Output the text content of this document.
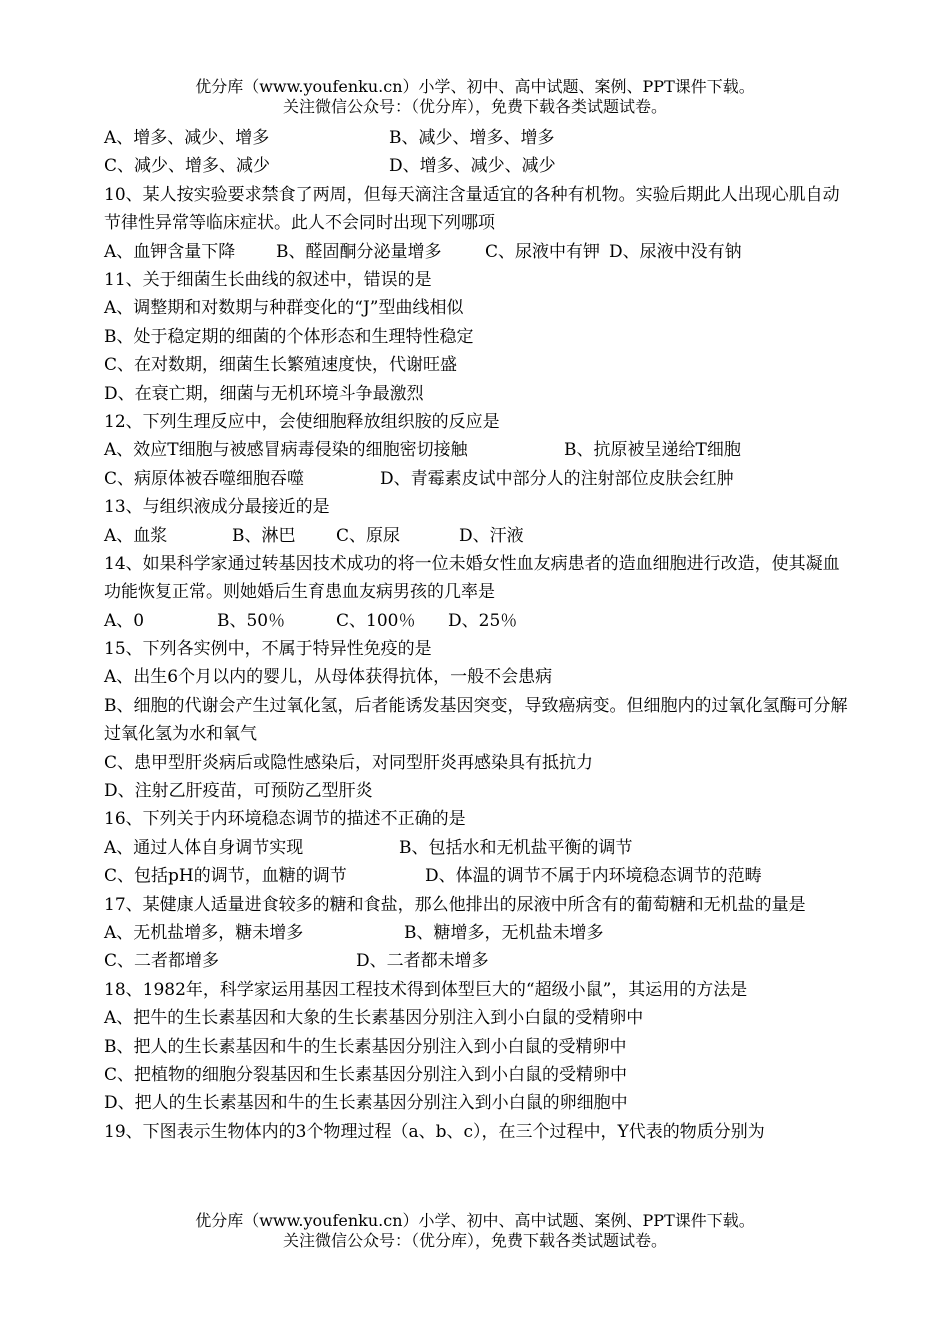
优分库（www.youfenku.cn）小学、初中、高中试题、案例、PPT课件下载。
关注微信公众号：（优分库），免费下载各类试题试卷。
A、增多、减少、增多	B、减少、增多、增多
C、减少、增多、减少	D、增多、减少、减少
10、某人按实验要求禁食了两周，但每天滴注含量适宜的各种有机物。实验后期此人出现心肌自动节律性异常等临床症状。此人不会同时出现下列哪项
A、血钾含量下降 B、醛固酮分泌量增多	C、尿液中有钾 D、尿液中没有钠
11、关于细菌生长曲线的叙述中，错误的是
A、调整期和对数期与种群变化的“J”型曲线相似
B、处于稳定期的细菌的个体形态和生理特性稳定
C、在对数期，细菌生长繁殖速度快，代谢旺盛
D、在衰亡期，细菌与无机环境斗争最激烈
12、下列生理反应中，会使细胞释放组织胺的反应是
A、效应T细胞与被感冒病毒侵染的细胞密切接触	B、抗原被呈递给T细胞
C、病原体被吞噬细胞吞噬	D、青霉素皮试中部分人的注射部位皮肤会红肿
13、与组织液成分最接近的是
A、血浆	B、淋巴 C、原尿	D、汗液
14、如果科学家通过转基因技术成功的将一位未婚女性血友病患者的造血细胞进行改造，使其凝血功能恢复正常。则她婚后生育患血友病男孩的几率是
A、0	B、50％	C、100％ D、25％
15、下列各实例中，不属于特异性免疫的是
A、出生6个月以内的婴儿，从母体获得抗体，一般不会患病
B、细胞的代谢会产生过氧化氢，后者能诱发基因突变，导致癌病变。但细胞内的过氧化氢酶可分解过氧化氢为水和氧气
C、患甲型肝炎病后或隐性感染后，对同型肝炎再感染具有抵抗力
D、注射乙肝疫苗，可预防乙型肝炎
16、下列关于内环境稳态调节的描述不正确的是
A、通过人体自身调节实现	B、包括水和无机盐平衡的调节
C、包括pH的调节，血糖的调节	D、体温的调节不属于内环境稳态调节的范畴
17、某健康人适量进食较多的糖和食盐，那么他排出的尿液中所含有的葡萄糖和无机盐的量是
A、无机盐增多，糖未增多	B、糖增多，无机盐未增多
C、二者都增多	D、二者都未增多
18、1982年，科学家运用基因工程技术得到体型巨大的“超级小鼠”，其运用的方法是
A、把牛的生长素基因和大象的生长素基因分别注入到小白鼠的受精卵中
B、把人的生长素基因和牛的生长素基因分别注入到小白鼠的受精卵中
C、把植物的细胞分裂基因和生长素基因分别注入到小白鼠的受精卵中
D、把人的生长素基因和牛的生长素基因分别注入到小白鼠的卵细胞中
19、下图表示生物体内的3个物理过程（a、b、c），在三个过程中，Y代表的物质分别为
优分库（www.youfenku.cn）小学、初中、高中试题、案例、PPT课件下载。
关注微信公众号：（优分库），免费下载各类试题试卷。
